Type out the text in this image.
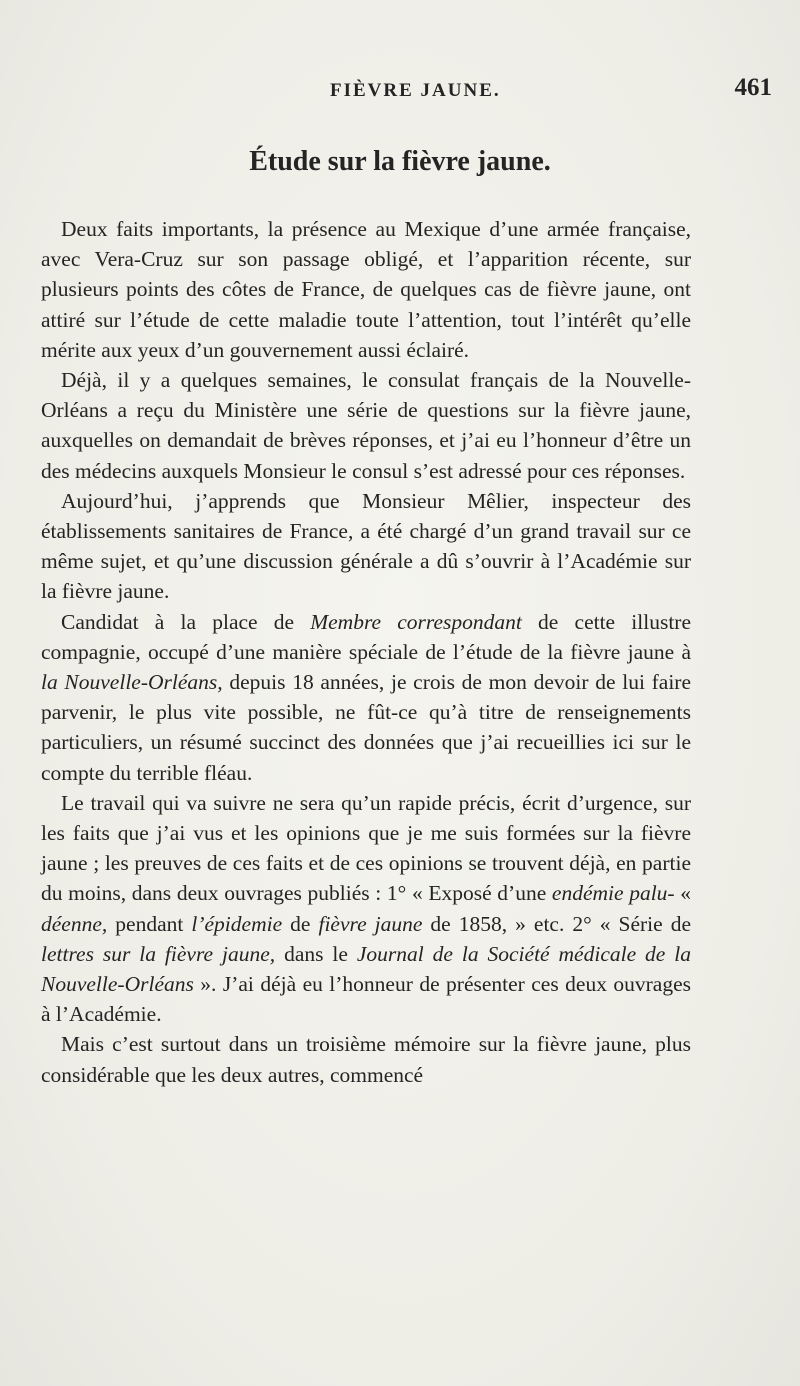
FIÈVRE JAUNE.	461
Étude sur la fièvre jaune.

Deux faits importants, la présence au Mexique d’une armée française, avec Vera-Cruz sur son passage obligé, et l’apparition récente, sur plusieurs points des côtes de France, de quelques cas de fièvre jaune, ont attiré sur l’étude de cette maladie toute l’attention, tout l’intérêt qu’elle mérite aux yeux d’un gouvernement aussi éclairé.

Déjà, il y a quelques semaines, le consulat français de la Nouvelle-Orléans a reçu du Ministère une série de questions sur la fièvre jaune, auxquelles on demandait de brèves réponses, et j’ai eu l’honneur d’être un des médecins auxquels Monsieur le consul s’est adressé pour ces réponses.

Aujourd’hui, j’apprends que Monsieur Mêlier, inspecteur des établissements sanitaires de France, a été chargé d’un grand travail sur ce même sujet, et qu’une discussion générale a dû s’ouvrir à l’Académie sur la fièvre jaune.

Candidat à la place de Membre correspondant de cette illustre compagnie, occupé d’une manière spéciale de l’étude de la fièvre jaune à la Nouvelle-Orléans, depuis 18 années, je crois de mon devoir de lui faire parvenir, le plus vite possible, ne fût-ce qu’à titre de renseignements particuliers, un résumé succinct des données que j’ai recueillies ici sur le compte du terrible fléau.

Le travail qui va suivre ne sera qu’un rapide précis, écrit d’urgence, sur les faits que j’ai vus et les opinions que je me suis formées sur la fièvre jaune ; les preuves de ces faits et de ces opinions se trouvent déjà, en partie du moins, dans deux ouvrages publiés : 1° « Exposé d’une endémie palu- « déenne, pendant l’épidemie de fièvre jaune de 1858, » etc. 2° « Série de lettres sur la fièvre jaune, dans le Journal de la Société médicale de la Nouvelle-Orléans ». J’ai déjà eu l’honneur de présenter ces deux ouvrages à l’Académie.

Mais c’est surtout dans un troisième mémoire sur la fièvre jaune, plus considérable que les deux autres, commencé
